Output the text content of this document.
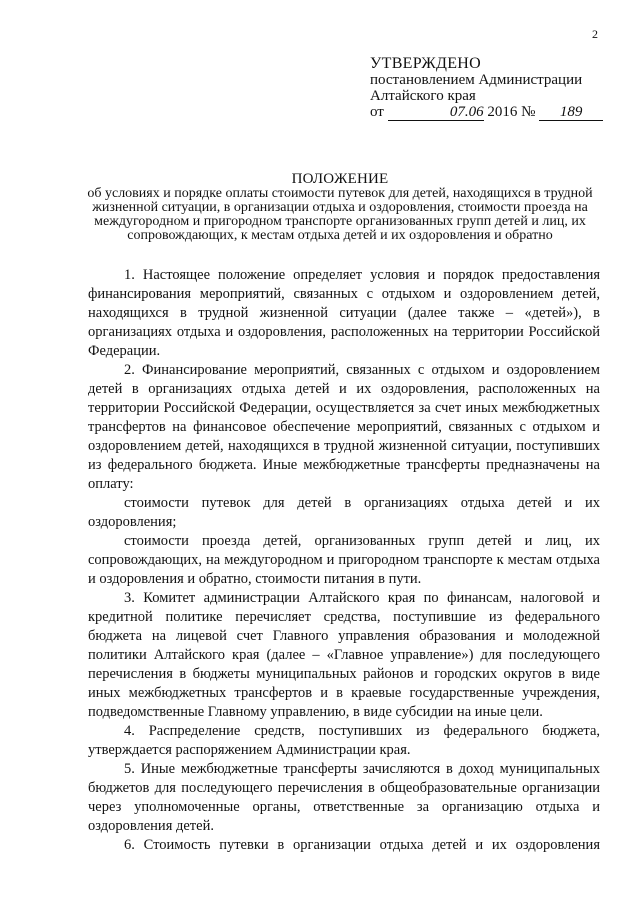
2
УТВЕРЖДЕНО
постановлением Администрации
Алтайского края
от	07.06 2016 № 189
ПОЛОЖЕНИЕ
об условиях и порядке оплаты стоимости путевок для детей, находящихся в трудной жизненной ситуации, в организации отдыха и оздоровления, стоимости проезда на междугородном и пригородном транспорте организованных групп детей и лиц, их сопровождающих, к местам отдыха детей и их оздоровления и обратно

1. Настоящее положение определяет условия и порядок предоставления финансирования мероприятий, связанных с отдыхом и оздоровлением детей, находящихся в трудной жизненной ситуации (далее также – «детей»), в организациях отдыха и оздоровления, расположенных на территории Российской Федерации.

2. Финансирование мероприятий, связанных с отдыхом и оздоровлением детей в организациях отдыха детей и их оздоровления, расположенных на территории Российской Федерации, осуществляется за счет иных межбюджетных трансфертов на финансовое обеспечение мероприятий, связанных с отдыхом и оздоровлением детей, находящихся в трудной жизненной ситуации, поступивших из федерального бюджета. Иные межбюджетные трансферты предназначены на оплату:

стоимости путевок для детей в организациях отдыха детей и их оздоровления;

стоимости проезда детей, организованных групп детей и лиц, их сопровождающих, на междугородном и пригородном транспорте к местам отдыха и оздоровления и обратно, стоимости питания в пути.

3. Комитет администрации Алтайского края по финансам, налоговой и кредитной политике перечисляет средства, поступившие из федерального бюджета на лицевой счет Главного управления образования и молодежной политики Алтайского края (далее – «Главное управление») для последующего перечисления в бюджеты муниципальных районов и городских округов в виде иных межбюджетных трансфертов и в краевые государственные учреждения, подведомственные Главному управлению, в виде субсидии на иные цели.

4. Распределение средств, поступивших из федерального бюджета, утверждается распоряжением Администрации края.

5. Иные межбюджетные трансферты зачисляются в доход муниципальных бюджетов для последующего перечисления в общеобразовательные организации через уполномоченные органы, ответственные за организацию отдыха и оздоровления детей.

6. Стоимость путевки в организации отдыха детей и их оздоровления
